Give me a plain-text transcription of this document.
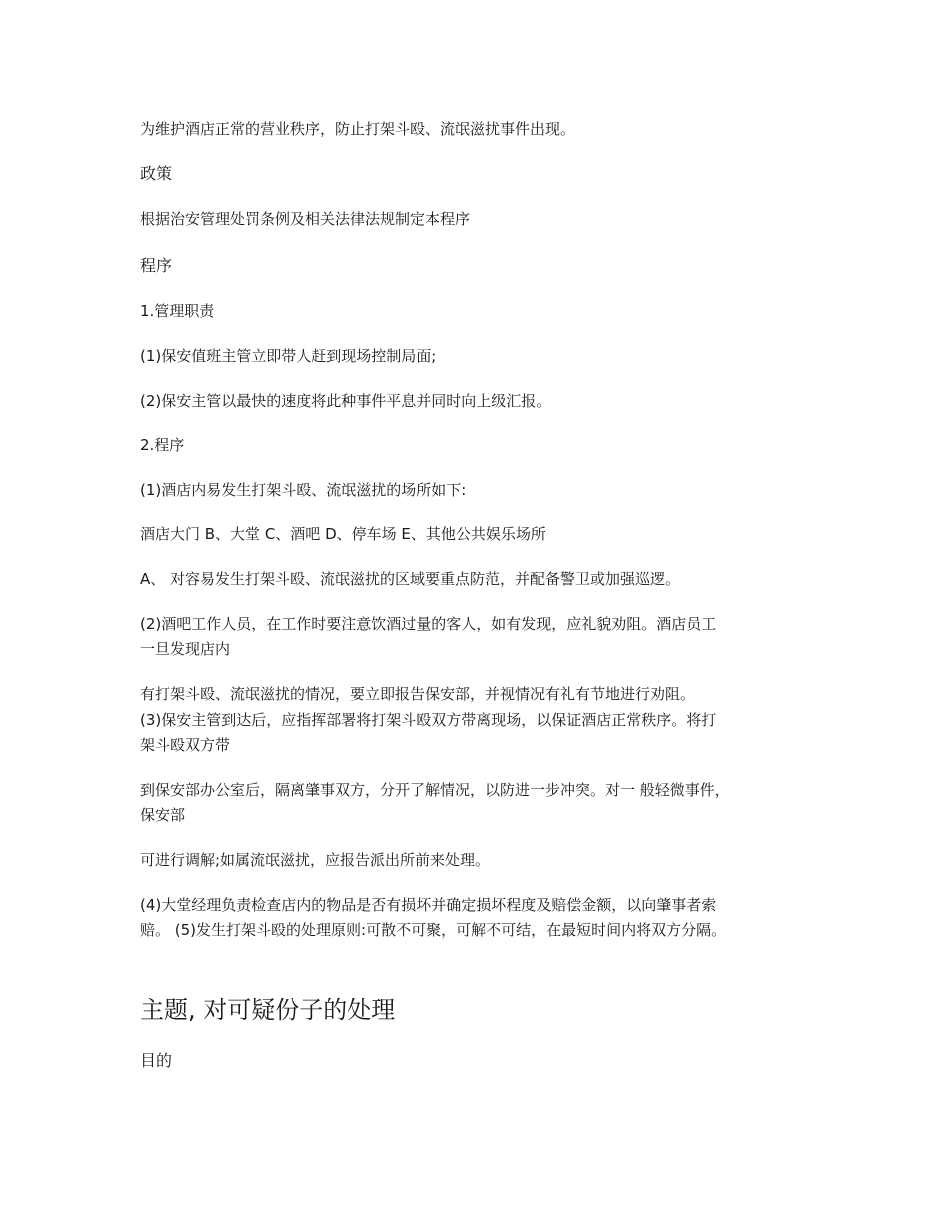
为维护酒店正常的营业秩序，防止打架斗殴、流氓滋扰事件出现。
政策
根据治安管理处罚条例及相关法律法规制定本程序
程序
1.管理职责
(1)保安值班主管立即带人赶到现场控制局面;
(2)保安主管以最快的速度将此种事件平息并同时向上级汇报。
2.程序
(1)酒店内易发生打架斗殴、流氓滋扰的场所如下:
酒店大门 B、大堂 C、酒吧 D、停车场 E、其他公共娱乐场所
A、 对容易发生打架斗殴、流氓滋扰的区域要重点防范，并配备警卫或加强巡逻。
(2)酒吧工作人员，在工作时要注意饮酒过量的客人，如有发现，应礼貌劝阻。酒店员工
一旦发现店内
有打架斗殴、流氓滋扰的情况，要立即报告保安部，并视情况有礼有节地进行劝阻。
(3)保安主管到达后，应指挥部署将打架斗殴双方带离现场，以保证酒店正常秩序。将打
架斗殴双方带
到保安部办公室后，隔离肇事双方，分开了解情况，以防进一步冲突。对一 般轻微事件，
保安部
可进行调解;如属流氓滋扰，应报告派出所前来处理。
(4)大堂经理负责检查店内的物品是否有损坏并确定损坏程度及赔偿金额，以向肇事者索
赔。 (5)发生打架斗殴的处理原则:可散不可聚，可解不可结，在最短时间内将双方分隔。
主题, 对可疑份子的处理
目的
